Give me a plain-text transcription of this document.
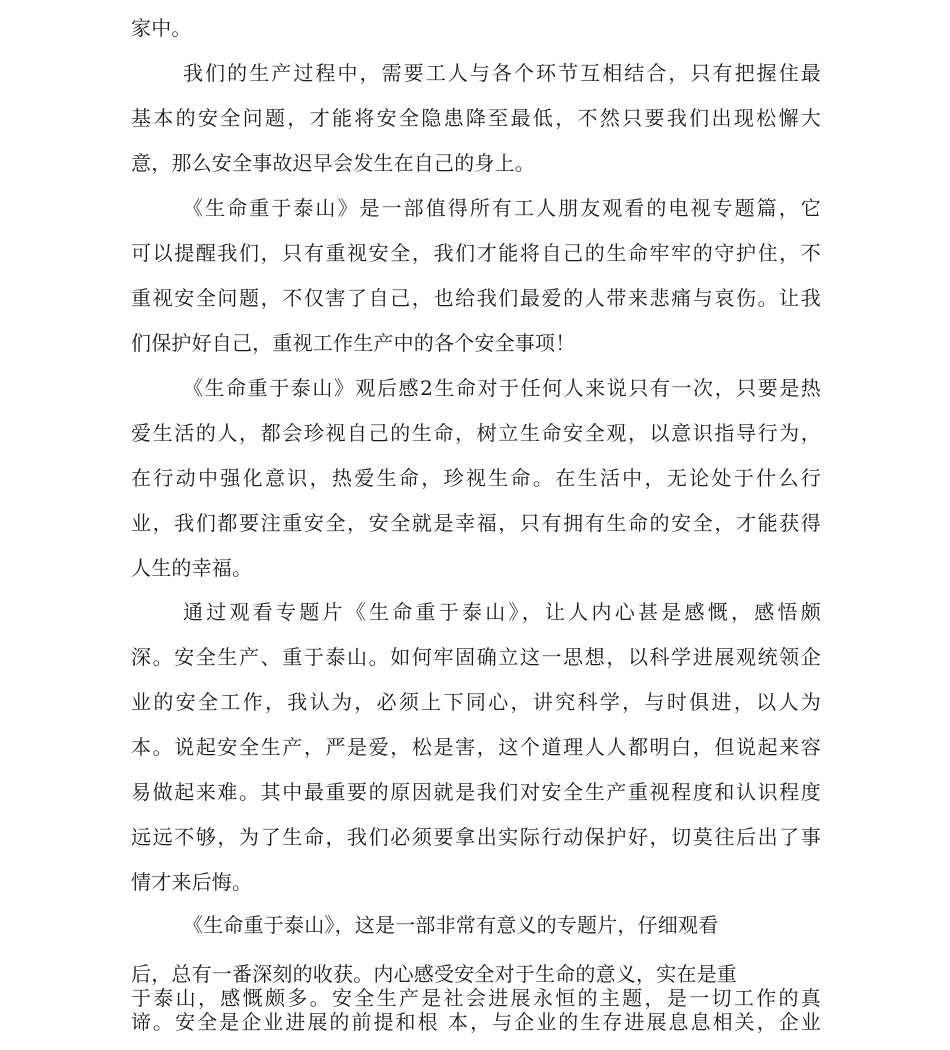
家中。
我们的生产过程中，需要工人与各个环节互相结合，只有把握住最
基本的安全问题，才能将安全隐患降至最低，不然只要我们出现松懈大
意，那么安全事故迟早会发生在自己的身上。
《生命重于泰山》是一部值得所有工人朋友观看的电视专题篇，它
可以提醒我们，只有重视安全，我们才能将自己的生命牢牢的守护住，不
重视安全问题，不仅害了自己，也给我们最爱的人带来悲痛与哀伤。让我
们保护好自己，重视工作生产中的各个安全事项！
《生命重于泰山》观后感2生命对于任何人来说只有一次，只要是热
爱生活的人，都会珍视自己的生命，树立生命安全观，以意识指导行为，
在行动中强化意识，热爱生命，珍视生命。在生活中，无论处于什么行
业，我们都要注重安全，安全就是幸福，只有拥有生命的安全，才能获得
人生的幸福。
通过观看专题片《生命重于泰山》，让人内心甚是感慨，感悟颇
深。安全生产、重于泰山。如何牢固确立这一思想，以科学进展观统领企
业的安全工作，我认为，必须上下同心，讲究科学，与时俱进，以人为
本。说起安全生产，严是爱，松是害，这个道理人人都明白，但说起来容
易做起来难。其中最重要的原因就是我们对安全生产重视程度和认识程度
远远不够，为了生命，我们必须要拿出实际行动保护好，切莫往后出了事
情才来后悔。
《生命重于泰山》，这是一部非常有意义的专题片，仔细观看
后，总有一番深刻的收获。内心感受安全对于生命的意义，实在是重
于泰山，感慨颇多。安全生产是社会进展永恒的主题，是一切工作的真
谛。安全是企业进展的前提和根 本，与企业的生存进展息息相关，企业
